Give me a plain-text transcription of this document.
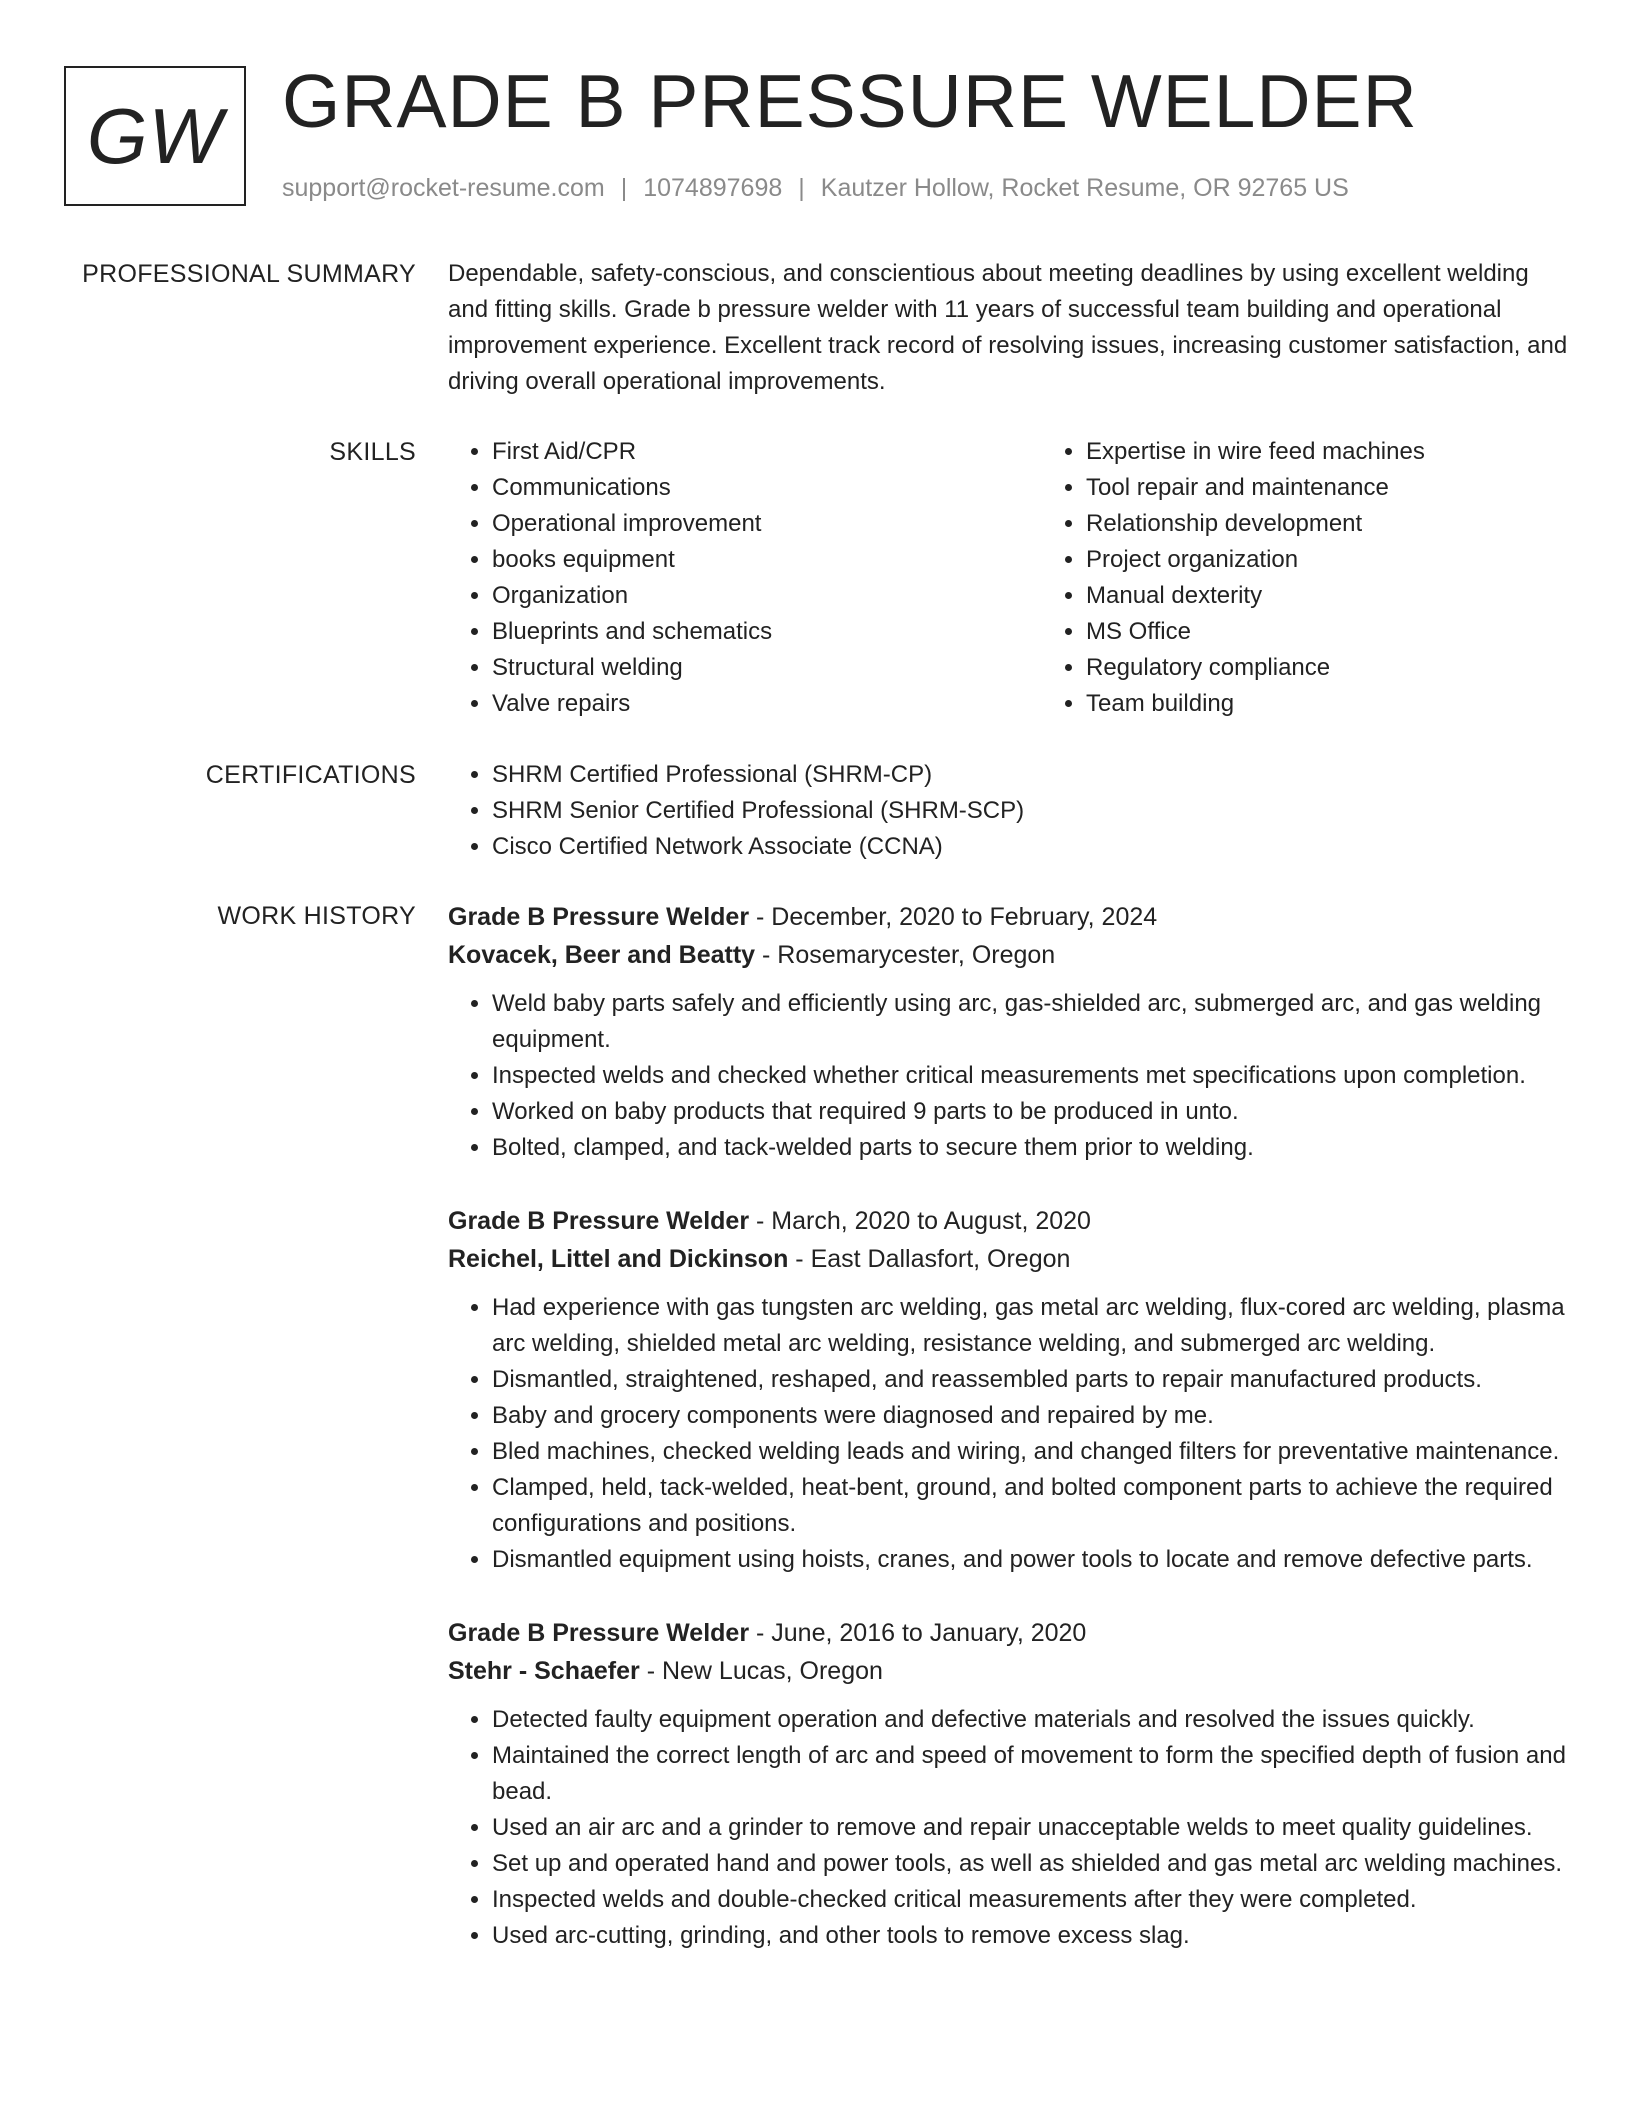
GW GRADE B PRESSURE WELDER
support@rocket-resume.com | 1074897698 | Kautzer Hollow, Rocket Resume, OR 92765 US
PROFESSIONAL SUMMARY Dependable, safety-conscious, and conscientious about meeting deadlines by using excellent welding and fitting skills. Grade b pressure welder with 11 years of successful team building and operational improvement experience. Excellent track record of resolving issues, increasing customer satisfaction, and driving overall operational improvements.

SKILLS	• First Aid/CPR
• Communications
• Operational improvement
• books equipment
• Organization
• Blueprints and schematics
• Structural welding
• Valve repairs
• Expertise in wire feed machines
• Tool repair and maintenance
• Relationship development
• Project organization
• Manual dexterity
• MS Office
• Regulatory compliance
• Team building
CERTIFICATIONS	• SHRM Certified Professional (SHRM-CP)
• SHRM Senior Certified Professional (SHRM-SCP)
• Cisco Certified Network Associate (CCNA)
WORK HISTORY Grade B Pressure Welder - December, 2020 to February, 2024
Kovacek, Beer and Beatty - Rosemarycester, Oregon
• Weld baby parts safely and efficiently using arc, gas-shielded arc, submerged arc, and gas welding equipment.
• Inspected welds and checked whether critical measurements met specifications upon completion.
• Worked on baby products that required 9 parts to be produced in unto.
• Bolted, clamped, and tack-welded parts to secure them prior to welding.
Grade B Pressure Welder - March, 2020 to August, 2020
Reichel, Littel and Dickinson - East Dallasfort, Oregon
• Had experience with gas tungsten arc welding, gas metal arc welding, flux-cored arc welding, plasma arc welding, shielded metal arc welding, resistance welding, and submerged arc welding.
• Dismantled, straightened, reshaped, and reassembled parts to repair manufactured products.
• Baby and grocery components were diagnosed and repaired by me.
• Bled machines, checked welding leads and wiring, and changed filters for preventative maintenance.
• Clamped, held, tack-welded, heat-bent, ground, and bolted component parts to achieve the required configurations and positions.
• Dismantled equipment using hoists, cranes, and power tools to locate and remove defective parts.
Grade B Pressure Welder - June, 2016 to January, 2020
Stehr - Schaefer - New Lucas, Oregon
• Detected faulty equipment operation and defective materials and resolved the issues quickly.
• Maintained the correct length of arc and speed of movement to form the specified depth of fusion and bead.
• Used an air arc and a grinder to remove and repair unacceptable welds to meet quality guidelines.
• Set up and operated hand and power tools, as well as shielded and gas metal arc welding machines.
• Inspected welds and double-checked critical measurements after they were completed.
• Used arc-cutting, grinding, and other tools to remove excess slag.
